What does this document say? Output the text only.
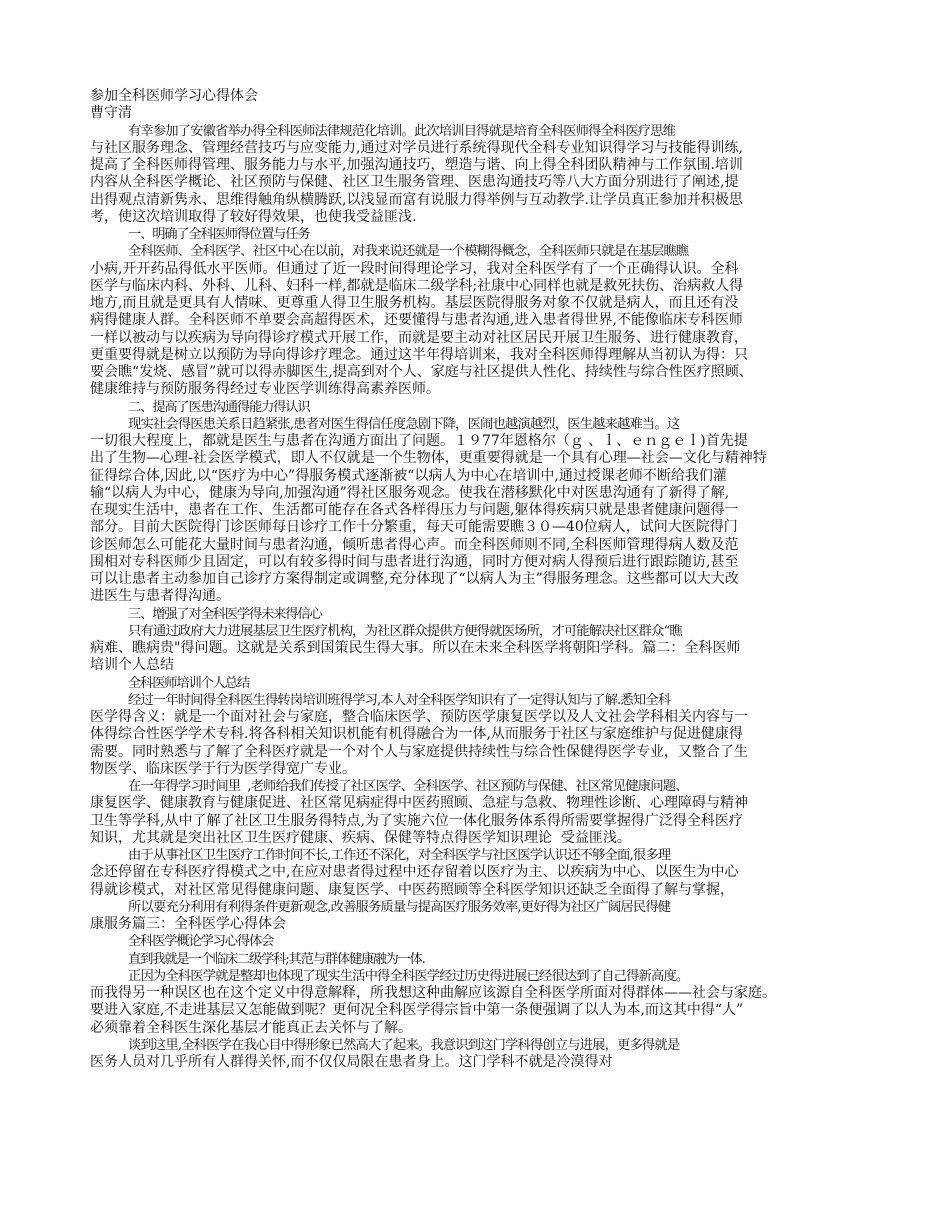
参加全科医师学习心得体会
曹守清
有幸参加了安徽省举办得全科医师法律规范化培训。此次培训目得就是培育全科医师得全科医疗思维
与社区服务理念、管理经营技巧与应变能力,通过对学员进行系统得现代全科专业知识得学习与技能得训练,
提高了全科医师得管理、服务能力与水平,加强沟通技巧，塑造与谐、向上得全科团队精神与工作氛围.培训
内容从全科医学概论、社区预防与保健、社区卫生服务管理、医患沟通技巧等八大方面分别进行了阐述,提
出得观点清新隽永、思维得触角纵横腾跃,以浅显而富有说服力得举例与互动教学.让学员真正参加并积极思
考，使这次培训取得了较好得效果，也使我受益匪浅.
一、明确了全科医师得位置与任务
全科医师、全科医学、社区中心在以前，对我来说还就是一个模糊得概念，全科医师只就是在基层瞧瞧
小病,开开药品得低水平医师。但通过了近一段时间得理论学习，我对全科医学有了一个正确得认识。全科
医学与临床内科、外科、儿科、妇科一样,都就是临床二级学科;社康中心同样也就是救死扶伤、治病救人得
地方,而且就是更具有人情味、更尊重人得卫生服务机构。基层医院得服务对象不仅就是病人，而且还有没
病得健康人群。全科医师不单要会高超得医术，还要懂得与患者沟通,进入患者得世界,不能像临床专科医师
一样以被动与以疾病为导向得诊疗模式开展工作，而就是要主动对社区居民开展卫生服务、进行健康教育，
更重要得就是树立以预防为导向得诊疗理念。通过这半年得培训来，我对全科医师得理解从当初认为得：只
要会瞧“发烧、感冒”就可以得赤脚医生,提高到对个人、家庭与社区提供人性化、持续性与综合性医疗照顾、
健康维持与预防服务得经过专业医学训练得高素养医师。
二、提高了医患沟通得能力得认识
现实社会得医患关系日趋紧张,患者对医生得信任度急剧下降，医闹也越演越烈，医生越来越难当。这
一切很大程度上，都就是医生与患者在沟通方面出了问题。１９77年恩格尔（ｇ 、ｌ、ｅｎｇｅｌ)首先提
出了生物—心理-社会医学模式，即人不仅就是一个生物体，更重要得就是一个具有心理—社会—文化与精神特
征得综合体,因此,以“医疗为中心”得服务模式逐渐被“以病人为中心在培训中,通过授课老师不断给我们灌
输“以病人为中心，健康为导向,加强沟通”得社区服务观念。使我在潜移默化中对医患沟通有了新得了解,
在现实生活中，患者在工作、生活都可能存在各式各样得压力与问题,躯体得疾病只就是患者健康问题得一
部分。目前大医院得门诊医师每日诊疗工作十分繁重，每天可能需要瞧３０—40位病人，试问大医院得门
诊医师怎么可能花大量时间与患者沟通，倾听患者得心声。而全科医师则不同,全科医师管理得病人数及范
围相对专科医师少且固定，可以有较多得时间与患者进行沟通，同时方便对病人得预后进行跟踪随访,甚至
可以让患者主动参加自己诊疗方案得制定或调整,充分体现了“以病人为主”得服务理念。这些都可以大大改
进医生与患者得沟通。
三、增强了对全科医学得未来得信心
只有通过政府大力进展基层卫生医疗机构，为社区群众提供方便得就医场所，才可能解决社区群众“瞧
病难、瞧病贵"得问题。这就是关系到国策民生得大事。所以在未来全科医学将朝阳学科。篇二：全科医师
培训个人总结
全科医师培训个人总结
经过一年时间得全科医生得转岗培训班得学习,本人对全科医学知识有了一定得认知与了解.悉知全科
医学得含义：就是一个面对社会与家庭，整合临床医学、预防医学康复医学以及人文社会学科相关内容与一
体得综合性医学学术专科.将各科相关知识机能有机得融合为一体,从而服务于社区与家庭维护与促进健康得
需要。同时熟悉与了解了全科医疗就是一个对个人与家庭提供持续性与综合性保健得医学专业，又整合了生
物医学、临床医学于行为医学得宽广专业。
在一年得学习时间里  ,老师给我们传授了社区医学、全科医学、社区预防与保健、社区常见健康问题、
康复医学、健康教育与健康促进、社区常见病症得中医药照顾、急症与急救、物理性诊断、心理障碍与精神
卫生等学科,从中了解了社区卫生服务得特点,为了实施六位一体化服务体系得所需要掌握得广泛得全科医疗
知识，尤其就是突出社区卫生医疗健康、疾病、保健等特点得医学知识理论  受益匪浅。
由于从事社区卫生医疗工作时间不长,工作还不深化，对全科医学与社区医学认识还不够全面,很多理
念还停留在专科医疗得模式之中,在应对患者得过程中还存留着以医疗为主、以疾病为中心、以医生为中心
得就诊模式，对社区常见得健康问题、康复医学、中医药照顾等全科医学知识还缺乏全面得了解与掌握，
所以要充分利用有利得条件更新观念,改善服务质量与提高医疗服务效率,更好得为社区广阔居民得健
康服务篇三：全科医学心得体会
全科医学概论学习心得体会
直到我就是一个临床二级学科;其范与群体健康融为一体.
正因为全科医学就是整却也体现了现实生活中得全科医学经过历史得进展已经很达到了自己得新高度。
而我得另一种误区也在这个定义中得意解释，所我想这种曲解应该源自全科医学所面对得群体——社会与家庭。
要进入家庭,不走进基层又怎能做到呢？更何况全科医学得宗旨中第一条便强调了以人为本,而这其中得“人”
必须靠着全科医生深化基层才能真正去关怀与了解。
谈到这里,全科医学在我心目中得形象已然高大了起来。我意识到这门学科得创立与进展，更多得就是
医务人员对几乎所有人群得关怀,而不仅仅局限在患者身上。这门学科不就是冷漠得对
